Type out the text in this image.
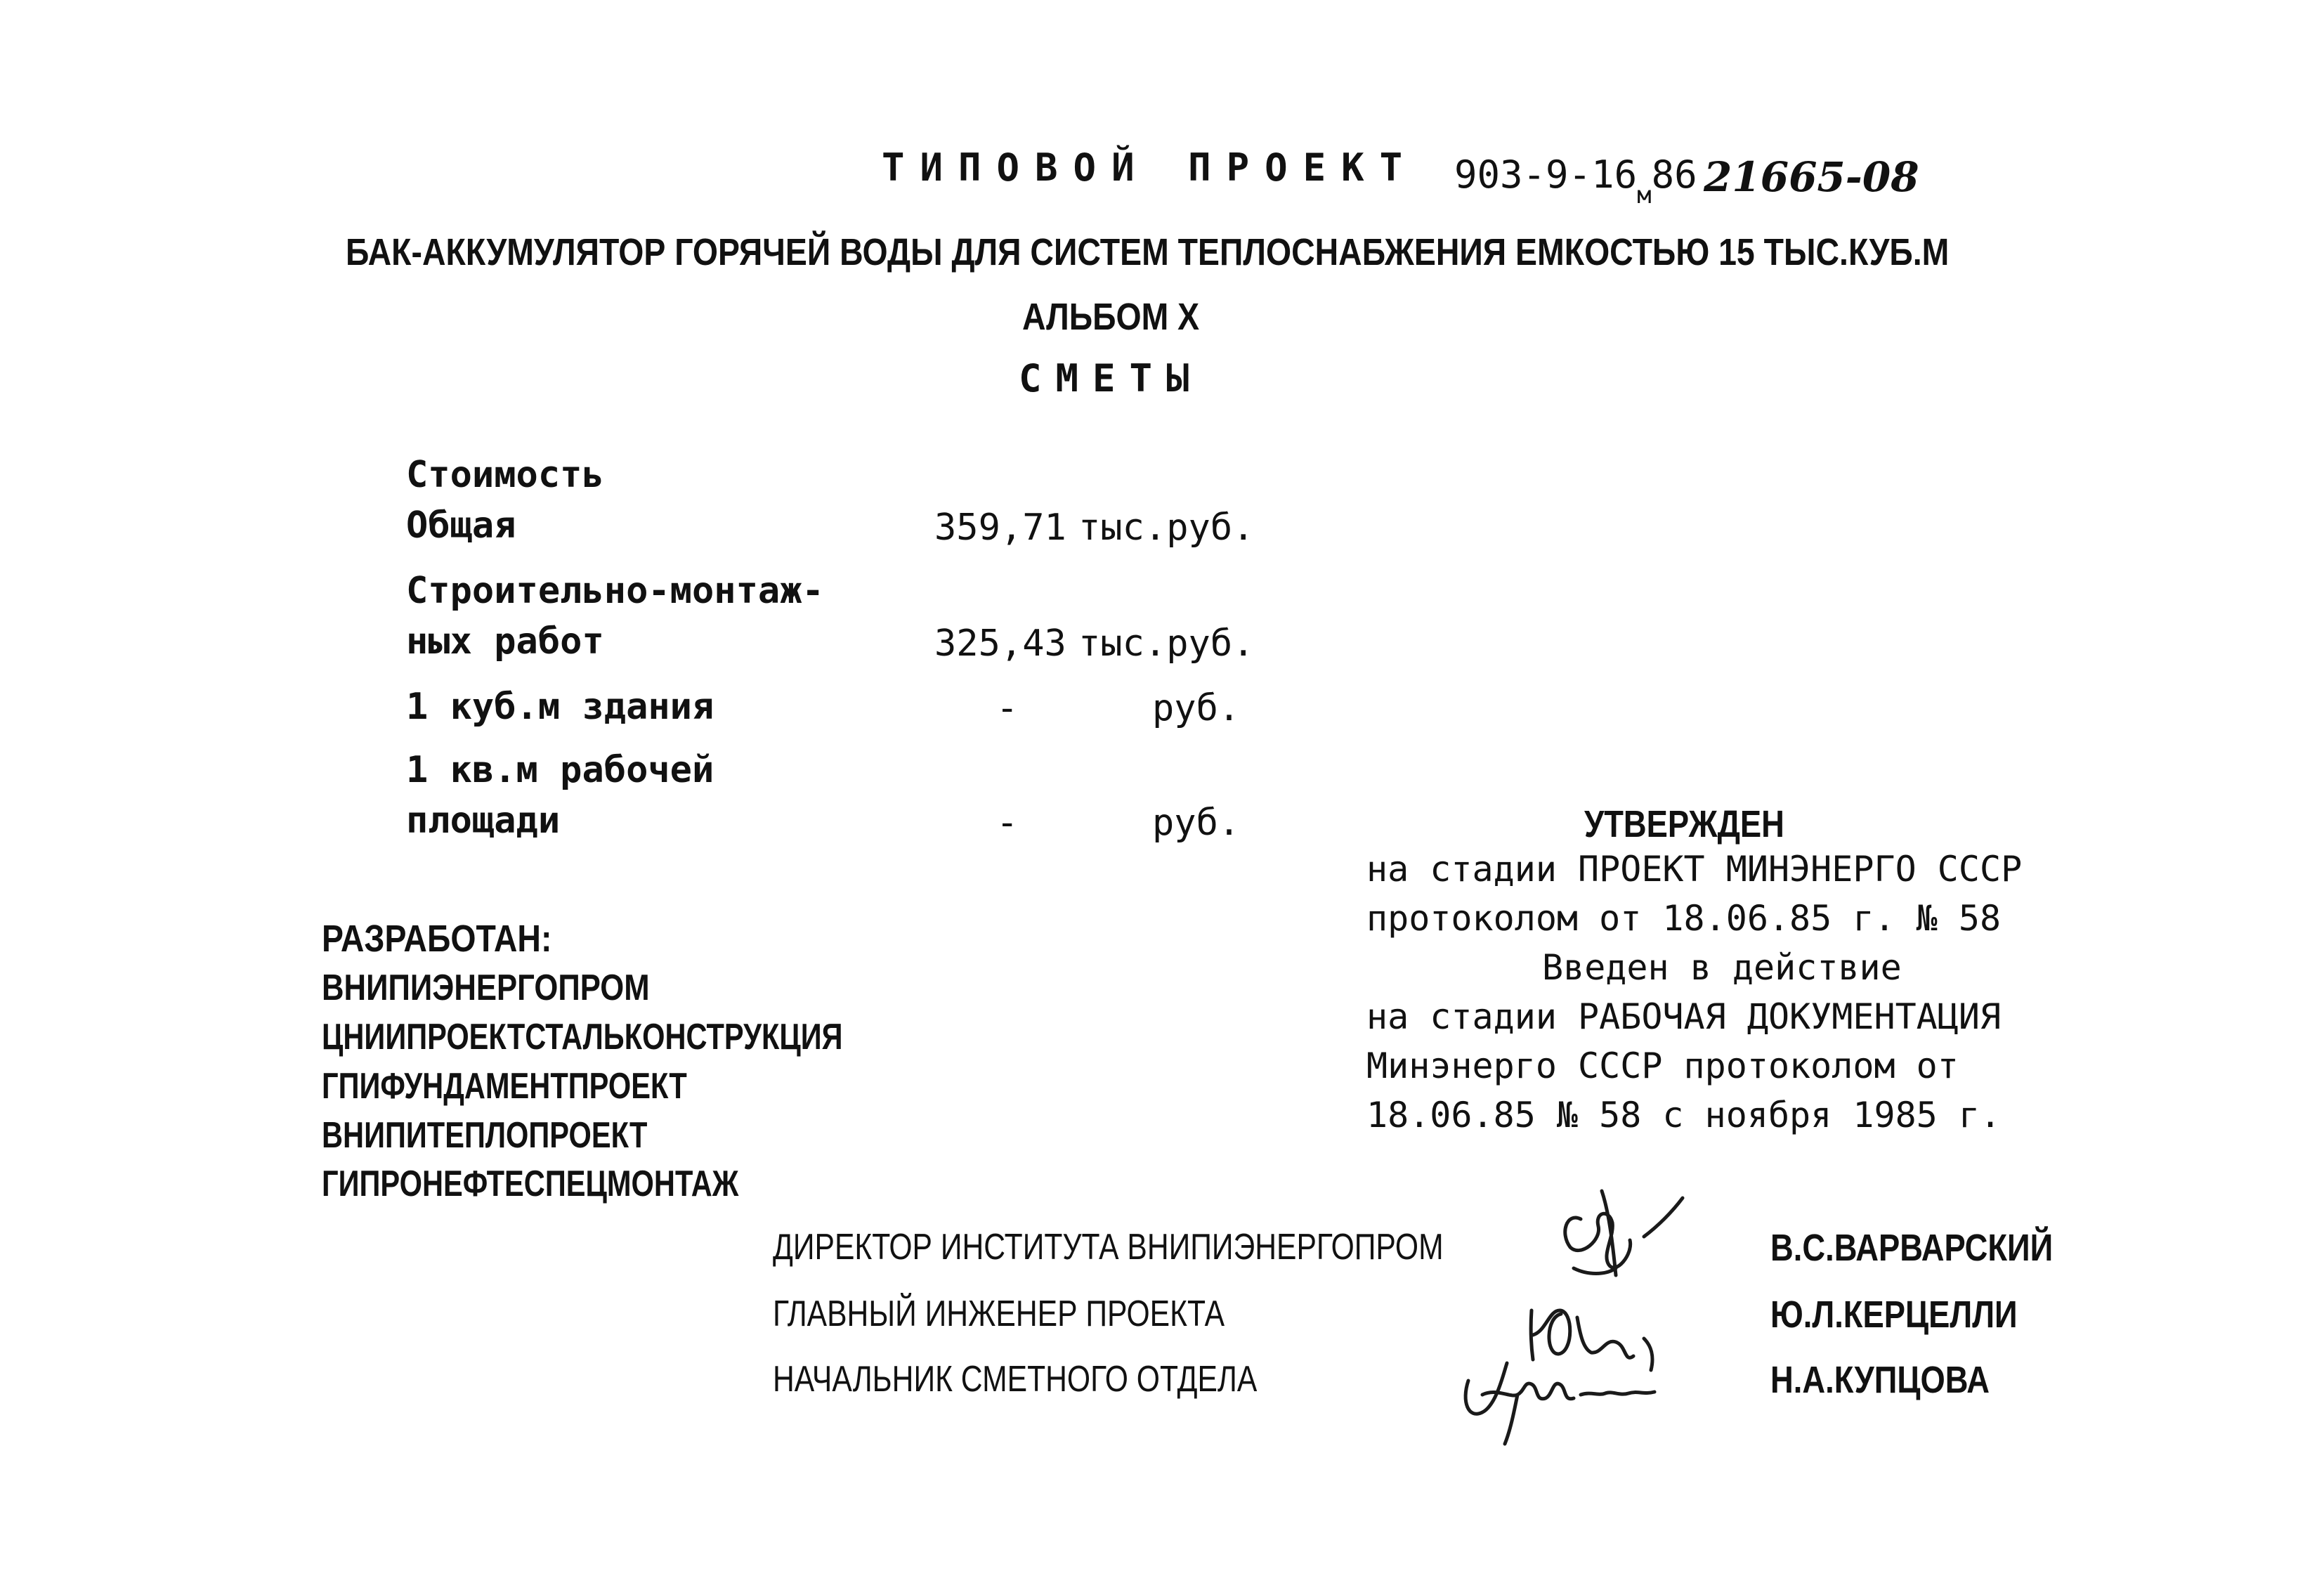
ТИПОВОЙ ПРОЕКТ $903-9-16_м86$ 21665-08
БАК-АККУМУЛЯТОР ГОРЯЧЕЙ ВОДЫ ДЛЯ СИСТЕМ ТЕПЛОСНАБЖЕНИЯ ЕМКОСТЬЮ 15 ТЫС.КУБ.М
АЛЬБОМ Х
СМЕТЫ
Стоимость
Общая	359,71 тыс.руб.
Строительно-монтаж-
ных работ	325,43 тыс.руб.
1 куб.м здания	-	руб.
1 кв.м рабочей
площади	-	руб.
РАЗРАБОТАН:
ВНИПИЭНЕРГОПРОМ
ЦНИИПРОЕКТСТАЛЬКОНСТРУКЦИЯ
ГПИФУНДАМЕНТПРОЕКТ
ВНИПИТЕПЛОПРОЕКТ
ГИПРОНЕФТЕСПЕЦМОНТАЖ
УТВЕРЖДЕН
на стадии ПРОЕКТ МИНЭНЕРГО СССР
протоколом от 18.06.85 г. № 58
Введен в действие
на стадии РАБОЧАЯ ДОКУМЕНТАЦИЯ
Минэнерго СССР протоколом от
18.06.85 № 58 с ноября 1985 г.
ДИРЕКТОР ИНСТИТУТА ВНИПИЭНЕРГОПРОМ	В.С.ВАРВАРСКИЙ
ГЛАВНЫЙ ИНЖЕНЕР ПРОЕКТА	Ю.Л.КЕРЦЕЛЛИ
НАЧАЛЬНИК СМЕТНОГО ОТДЕЛА	Н.А.КУПЦОВА
